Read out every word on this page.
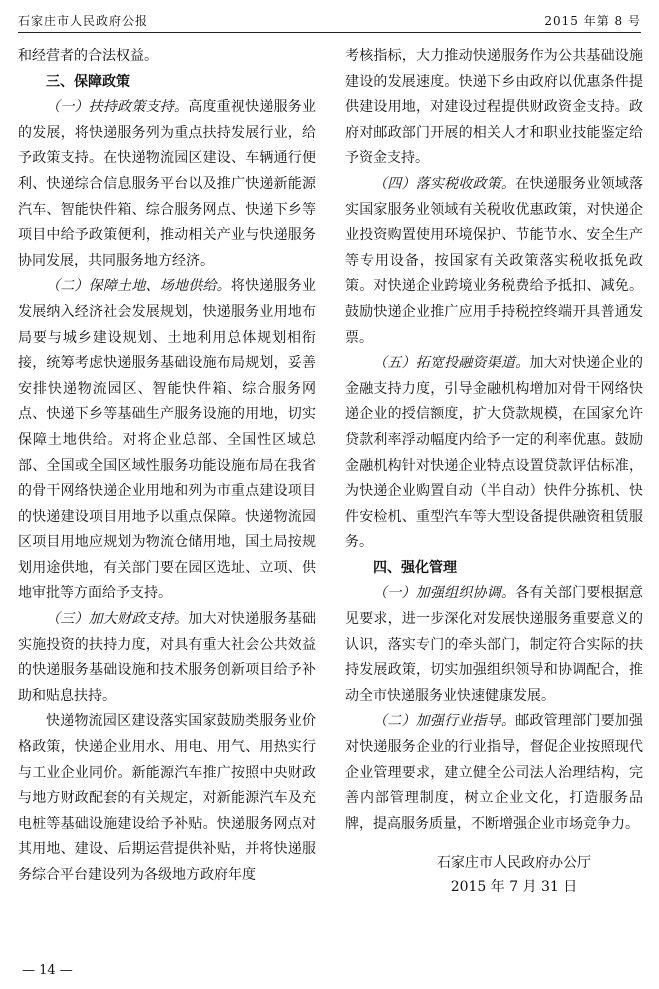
石家庄市人民政府公报	2015 年第 8 号

和经营者的合法权益。

三、保障政策

（一）扶持政策支持。高度重视快递服务业的发展，将快递服务列为重点扶持发展行业，给予政策支持。在快递物流园区建设、车辆通行便利、快递综合信息服务平台以及推广快递新能源汽车、智能快件箱、综合服务网点、快递下乡等项目中给予政策便利，推动相关产业与快递服务协同发展，共同服务地方经济。

（二）保障土地、场地供给。将快递服务业发展纳入经济社会发展规划，快递服务业用地布局要与城乡建设规划、土地利用总体规划相衔接，统筹考虑快递服务基础设施布局规划，妥善安排快递物流园区、智能快件箱、综合服务网点、快递下乡等基础生产服务设施的用地，切实保障土地供给。对将企业总部、全国性区域总部、全国或全国区域性服务功能设施布局在我省的骨干网络快递企业用地和列为市重点建设项目的快递建设项目用地予以重点保障。快递物流园区项目用地应规划为物流仓储用地，国土局按规划用途供地，有关部门要在园区选址、立项、供地审批等方面给予支持。

（三）加大财政支持。加大对快递服务基础实施投资的扶持力度，对具有重大社会公共效益的快递服务基础设施和技术服务创新项目给予补助和贴息扶持。

快递物流园区建设落实国家鼓励类服务业价格政策，快递企业用水、用电、用气、用热实行与工业企业同价。新能源汽车推广按照中央财政与地方财政配套的有关规定，对新能源汽车及充电桩等基础设施建设给予补贴。快递服务网点对其用地、建设、后期运营提供补贴，并将快递服务综合平台建设列为各级地方政府年度

考核指标，大力推动快递服务作为公共基础设施建设的发展速度。快递下乡由政府以优惠条件提供建设用地，对建设过程提供财政资金支持。政府对邮政部门开展的相关人才和职业技能鉴定给予资金支持。

（四）落实税收政策。在快递服务业领域落实国家服务业领域有关税收优惠政策，对快递企业投资购置使用环境保护、节能节水、安全生产等专用设备，按国家有关政策落实税收抵免政策。对快递企业跨境业务税费给予抵扣、减免。鼓励快递企业推广应用手持税控终端开具普通发票。

（五）拓宽投融资渠道。加大对快递企业的金融支持力度，引导金融机构增加对骨干网络快递企业的授信额度，扩大贷款规模，在国家允许贷款利率浮动幅度内给予一定的利率优惠。鼓励金融机构针对快递企业特点设置贷款评估标准，为快递企业购置自动（半自动）快件分拣机、快件安检机、重型汽车等大型设备提供融资租赁服务。

四、强化管理

（一）加强组织协调。各有关部门要根据意见要求，进一步深化对发展快递服务重要意义的认识，落实专门的牵头部门，制定符合实际的扶持发展政策，切实加强组织领导和协调配合，推动全市快递服务业快速健康发展。

（二）加强行业指导。邮政管理部门要加强对快递服务企业的行业指导，督促企业按照现代企业管理要求，建立健全公司法人治理结构，完善内部管理制度，树立企业文化，打造服务品牌，提高服务质量，不断增强企业市场竞争力。

石家庄市人民政府办公厅
2015 年 7 月 31 日
— 14 —
